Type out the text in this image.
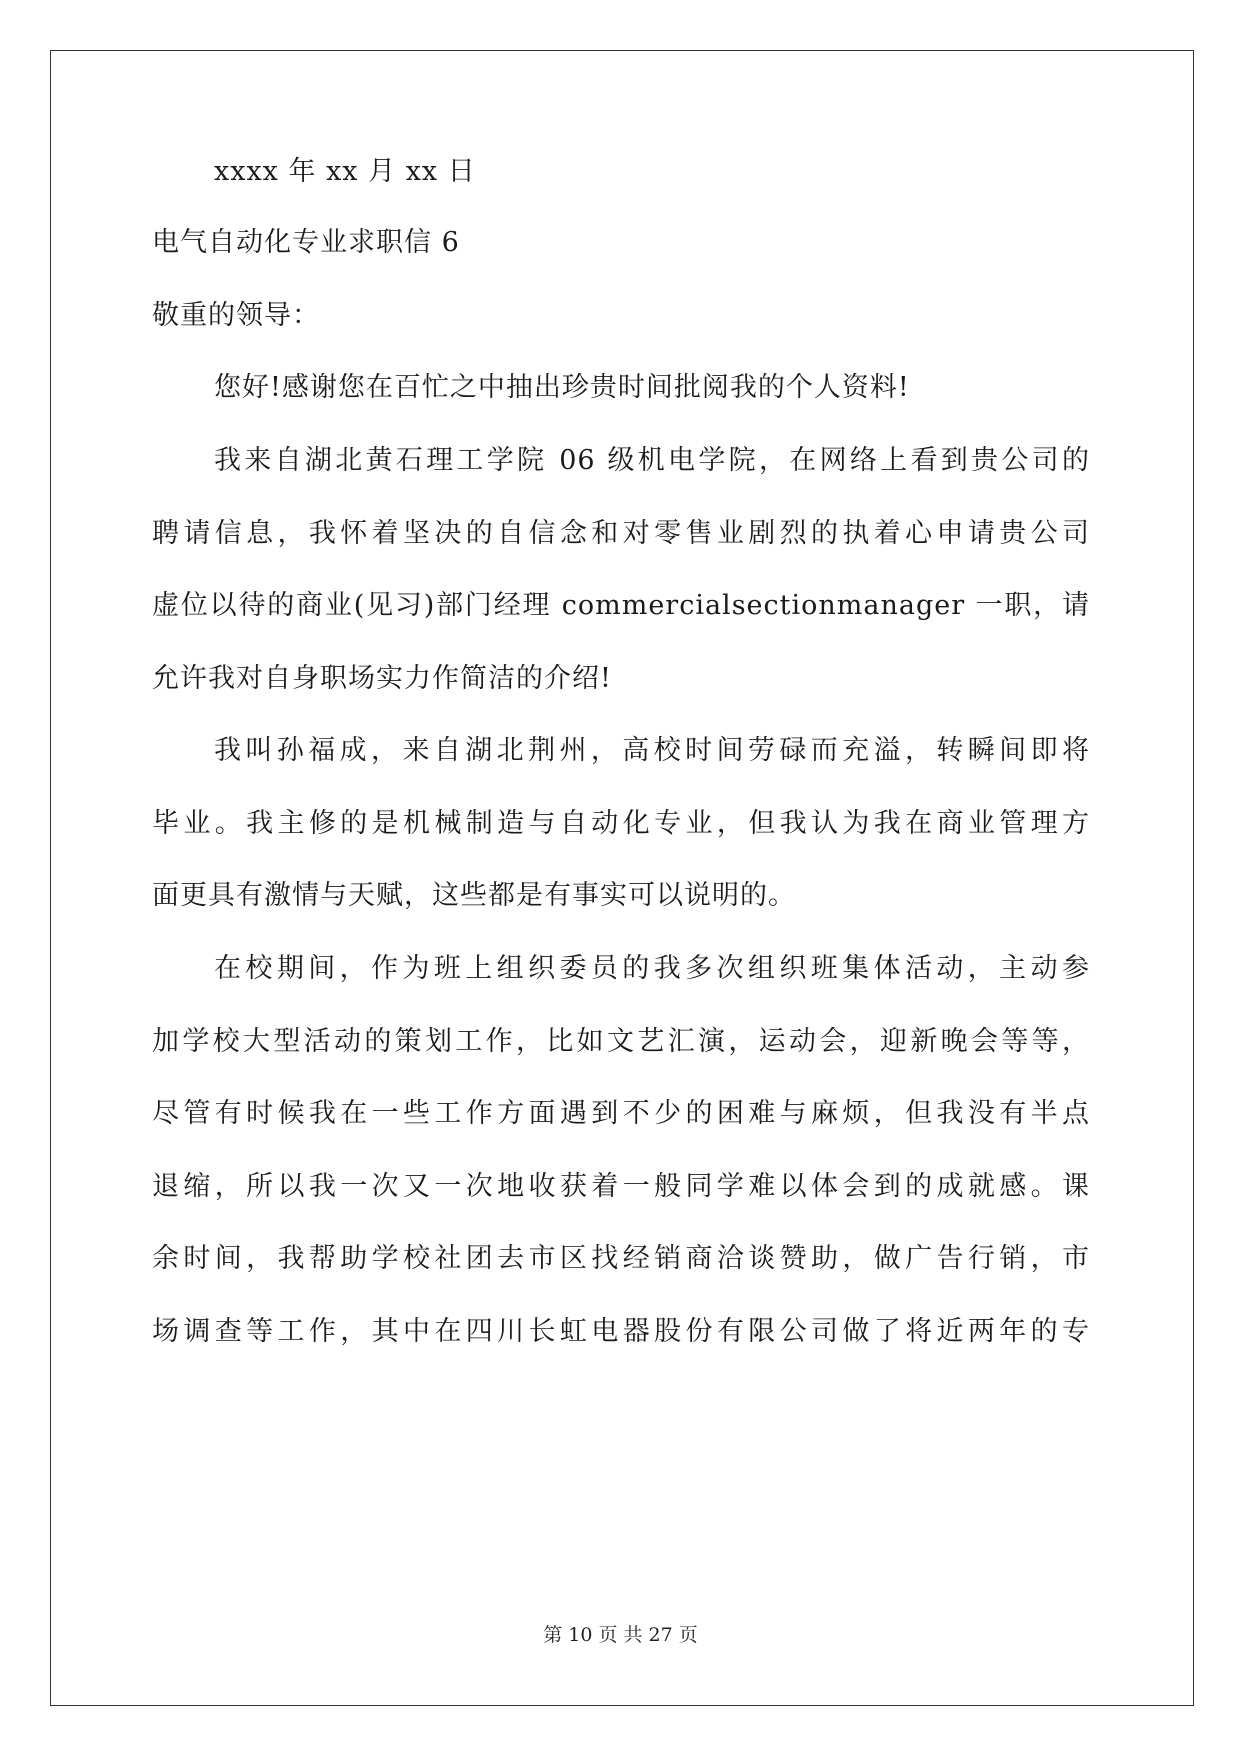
xxxx 年 xx 月 xx 日

电气自动化专业求职信 6

敬重的领导：

您好!感谢您在百忙之中抽出珍贵时间批阅我的个人资料!

我来自湖北黄石理工学院 06 级机电学院，在网络上看到贵公司的

聘请信息，我怀着坚决的自信念和对零售业剧烈的执着心申请贵公司

虚位以待的商业(见习)部门经理 commercialsectionmanager 一职，请

允许我对自身职场实力作简洁的介绍!

我叫孙福成，来自湖北荆州，高校时间劳碌而充溢，转瞬间即将

毕业。我主修的是机械制造与自动化专业，但我认为我在商业管理方

面更具有激情与天赋，这些都是有事实可以说明的。

在校期间，作为班上组织委员的我多次组织班集体活动，主动参

加学校大型活动的策划工作，比如文艺汇演，运动会，迎新晚会等等，

尽管有时候我在一些工作方面遇到不少的困难与麻烦，但我没有半点

退缩，所以我一次又一次地收获着一般同学难以体会到的成就感。课

余时间，我帮助学校社团去市区找经销商洽谈赞助，做广告行销，市

场调查等工作，其中在四川长虹电器股份有限公司做了将近两年的专

第 10 页 共 27 页
